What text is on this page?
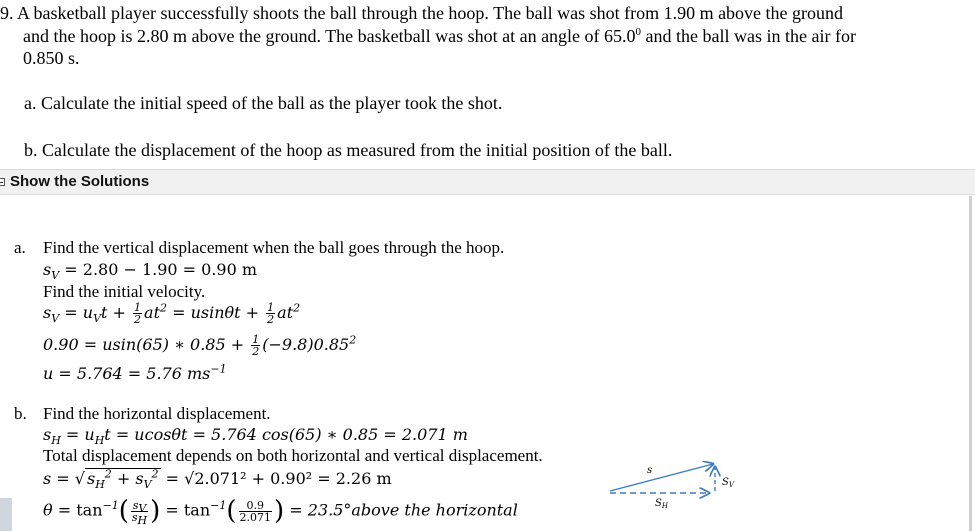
9. A basketball player successfully shoots the ball through the hoop. The ball was shot from 1.90 m above the ground
and the hoop is 2.80 m above the ground. The basketball was shot at an angle of 65.0$^0$ and the ball was in the air for
0.850 s.
a. Calculate the initial speed of the ball as the player took the shot.
b. Calculate the displacement of the hoop as measured from the initial position of the ball.
Show the Solutions
a. Find the vertical displacement when the ball goes through the hoop.
$s_V = 2.80 - 1.90 = 0.90$ m
Find the initial velocity.
$s_V = u_Vt + \frac{1}{2} at^2 = usin\theta t + \frac{1}{2} at^2$
0.90 = usin(65) ∗ $0.85 + \frac{1}{2} (-9.8)0.85^2$
u = 5.764 = 5.76 $ms^{-1}$
b. Find the horizontal displacement.
$s_H = u_Ht = ucos\theta t = 5.764$ cos(65) ∗ 0.85 = 2.071 m
Total displacement depends on both horizontal and vertical displacement.
s = √ $s_H^2 + s_V^2 = √2.071^2 + 0.90^2 = 2.26$ m
$\theta = \tan^{-1}( \frac{s_V}{s_H}$ ) = $\tan^{-1}( \frac{0.9}{2.071}$ ) = 23.5°above the horizontal
s
$S_V$
$S_H$
